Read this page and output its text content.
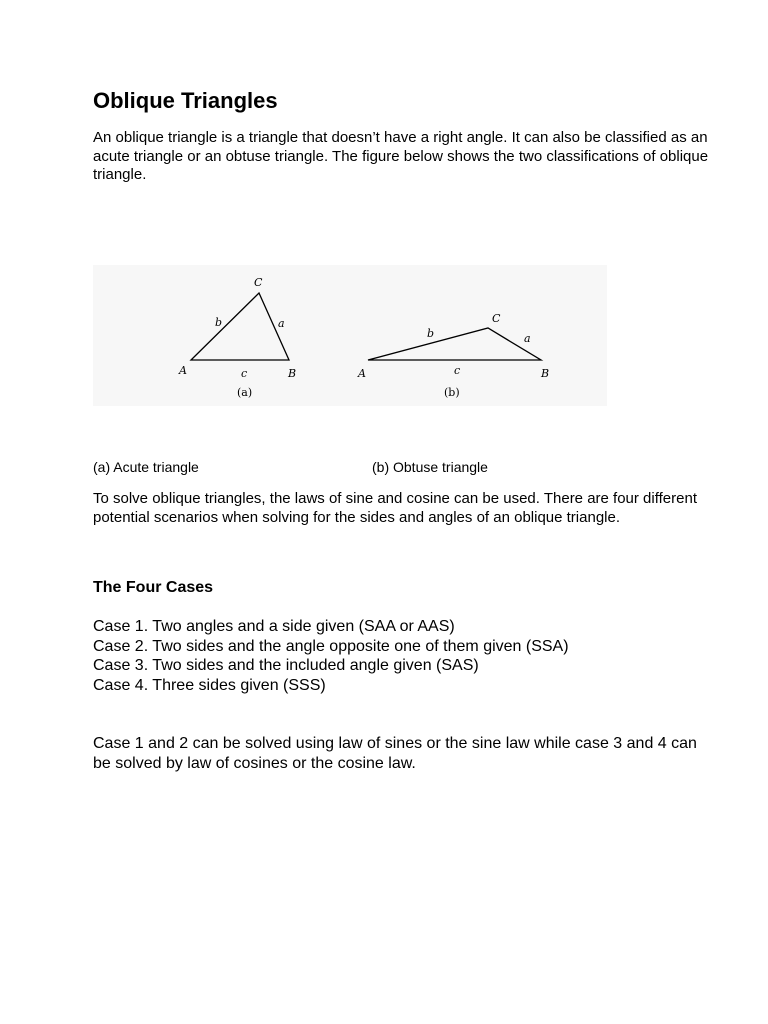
Oblique Triangles

An oblique triangle is a triangle that doesn’t have a right angle. It can also be classified as an acute triangle or an obtuse triangle. The figure below shows the two classifications of oblique triangle.

C
b	a
A	c	B
(a)
C
b	a
A	c	B
(b)

(a) Acute triangle	(b) Obtuse triangle

To solve oblique triangles, the laws of sine and cosine can be used. There are four different potential scenarios when solving for the sides and angles of an oblique triangle.

The Four Cases
Case 1. Two angles and a side given (SAA or AAS)
Case 2. Two sides and the angle opposite one of them given (SSA)
Case 3. Two sides and the included angle given (SAS)
Case 4. Three sides given (SSS)

Case 1 and 2 can be solved using law of sines or the sine law while case 3 and 4 can be solved by law of cosines or the cosine law.
